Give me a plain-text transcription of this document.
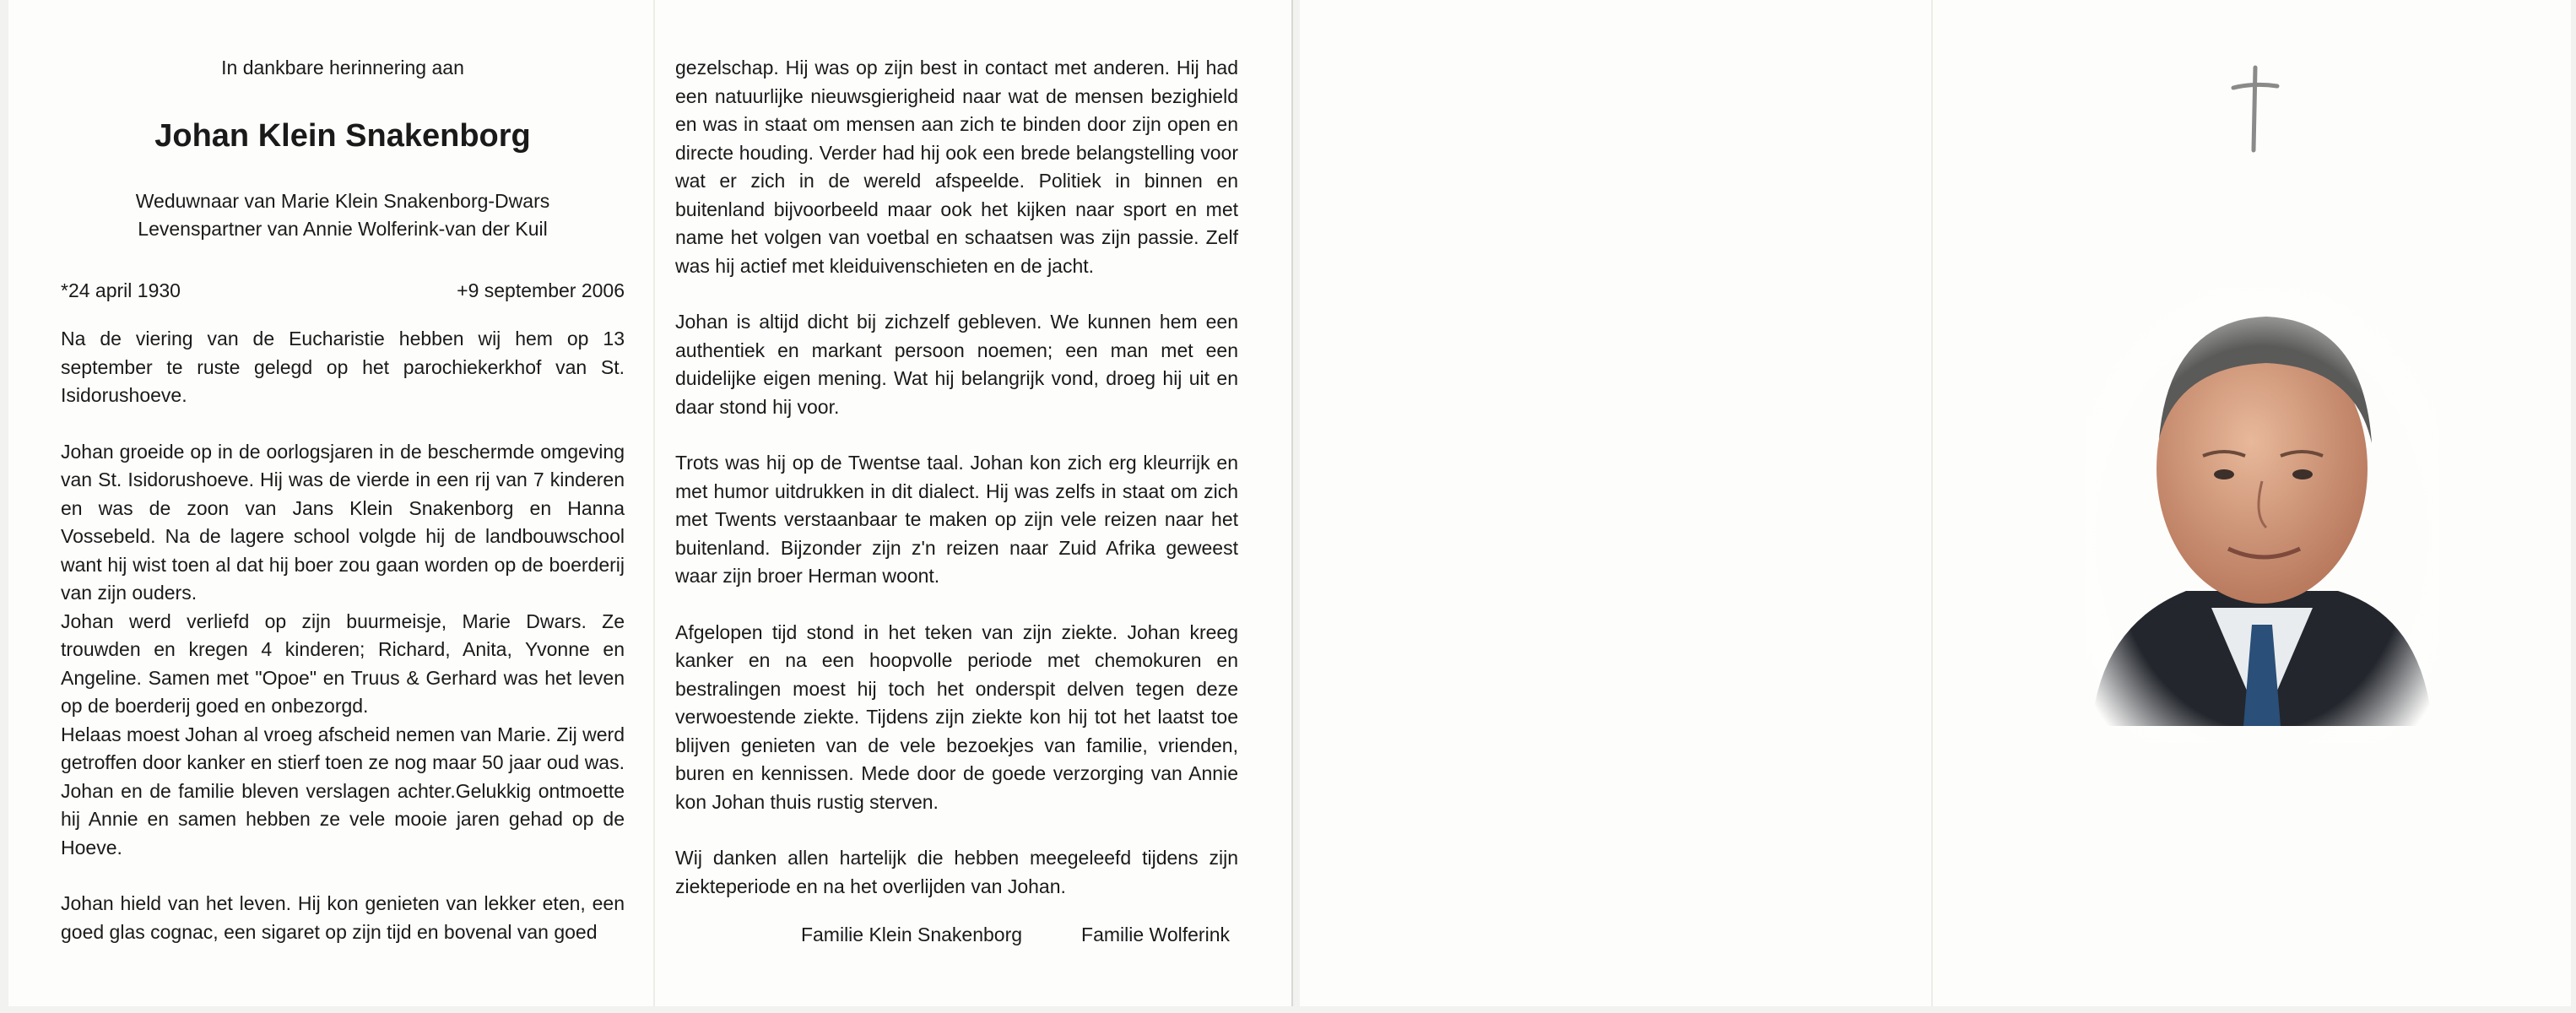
In dankbare herinnering aan

Johan Klein Snakenborg
Weduwnaar van Marie Klein Snakenborg-Dwars
Levenspartner van Annie Wolferink-van der Kuil
*24 april 1930	+9 september 2006

Na de viering van de Eucharistie hebben wij hem op 13 september te ruste gelegd op het parochiekerkhof van St. Isidorushoeve.

Johan groeide op in de oorlogsjaren in de beschermde omgeving van St. Isidorushoeve. Hij was de vierde in een rij van 7 kinderen en was de zoon van Jans Klein Snakenborg en Hanna Vossebeld. Na de lagere school volgde hij de landbouwschool want hij wist toen al dat hij boer zou gaan worden op de boerderij van zijn ouders.

Johan werd verliefd op zijn buurmeisje, Marie Dwars. Ze trouwden en kregen 4 kinderen; Richard, Anita, Yvonne en Angeline. Samen met "Opoe" en Truus & Gerhard was het leven op de boerderij goed en onbezorgd.

Helaas moest Johan al vroeg afscheid nemen van Marie. Zij werd getroffen door kanker en stierf toen ze nog maar 50 jaar oud was. Johan en de familie bleven verslagen achter.Gelukkig ontmoette hij Annie en samen hebben ze vele mooie jaren gehad op de Hoeve.

Johan hield van het leven. Hij kon genieten van lekker eten, een goed glas cognac, een sigaret op zijn tijd en bovenal van goed

gezelschap. Hij was op zijn best in contact met anderen. Hij had een natuurlijke nieuwsgierigheid naar wat de mensen bezighield en was in staat om mensen aan zich te binden door zijn open en directe houding. Verder had hij ook een brede belangstelling voor wat er zich in de wereld afspeelde. Politiek in binnen en buitenland bijvoorbeeld maar ook het kijken naar sport en met name het volgen van voetbal en schaatsen was zijn passie. Zelf was hij actief met kleiduivenschieten en de jacht.

Johan is altijd dicht bij zichzelf gebleven. We kunnen hem een authentiek en markant persoon noemen; een man met een duidelijke eigen mening. Wat hij belangrijk vond, droeg hij uit en daar stond hij voor.

Trots was hij op de Twentse taal. Johan kon zich erg kleurrijk en met humor uitdrukken in dit dialect. Hij was zelfs in staat om zich met Twents verstaanbaar te maken op zijn vele reizen naar het buitenland. Bijzonder zijn z'n reizen naar Zuid Afrika geweest waar zijn broer Herman woont.

Afgelopen tijd stond in het teken van zijn ziekte. Johan kreeg kanker en na een hoopvolle periode met chemokuren en bestralingen moest hij toch het onderspit delven tegen deze verwoestende ziekte. Tijdens zijn ziekte kon hij tot het laatst toe blijven genieten van de vele bezoekjes van familie, vrienden, buren en kennissen. Mede door de goede verzorging van Annie kon Johan thuis rustig sterven.

Wij danken allen hartelijk die hebben meegeleefd tijdens zijn ziekteperiode en na het overlijden van Johan.

Familie Klein Snakenborg	Familie Wolferink
